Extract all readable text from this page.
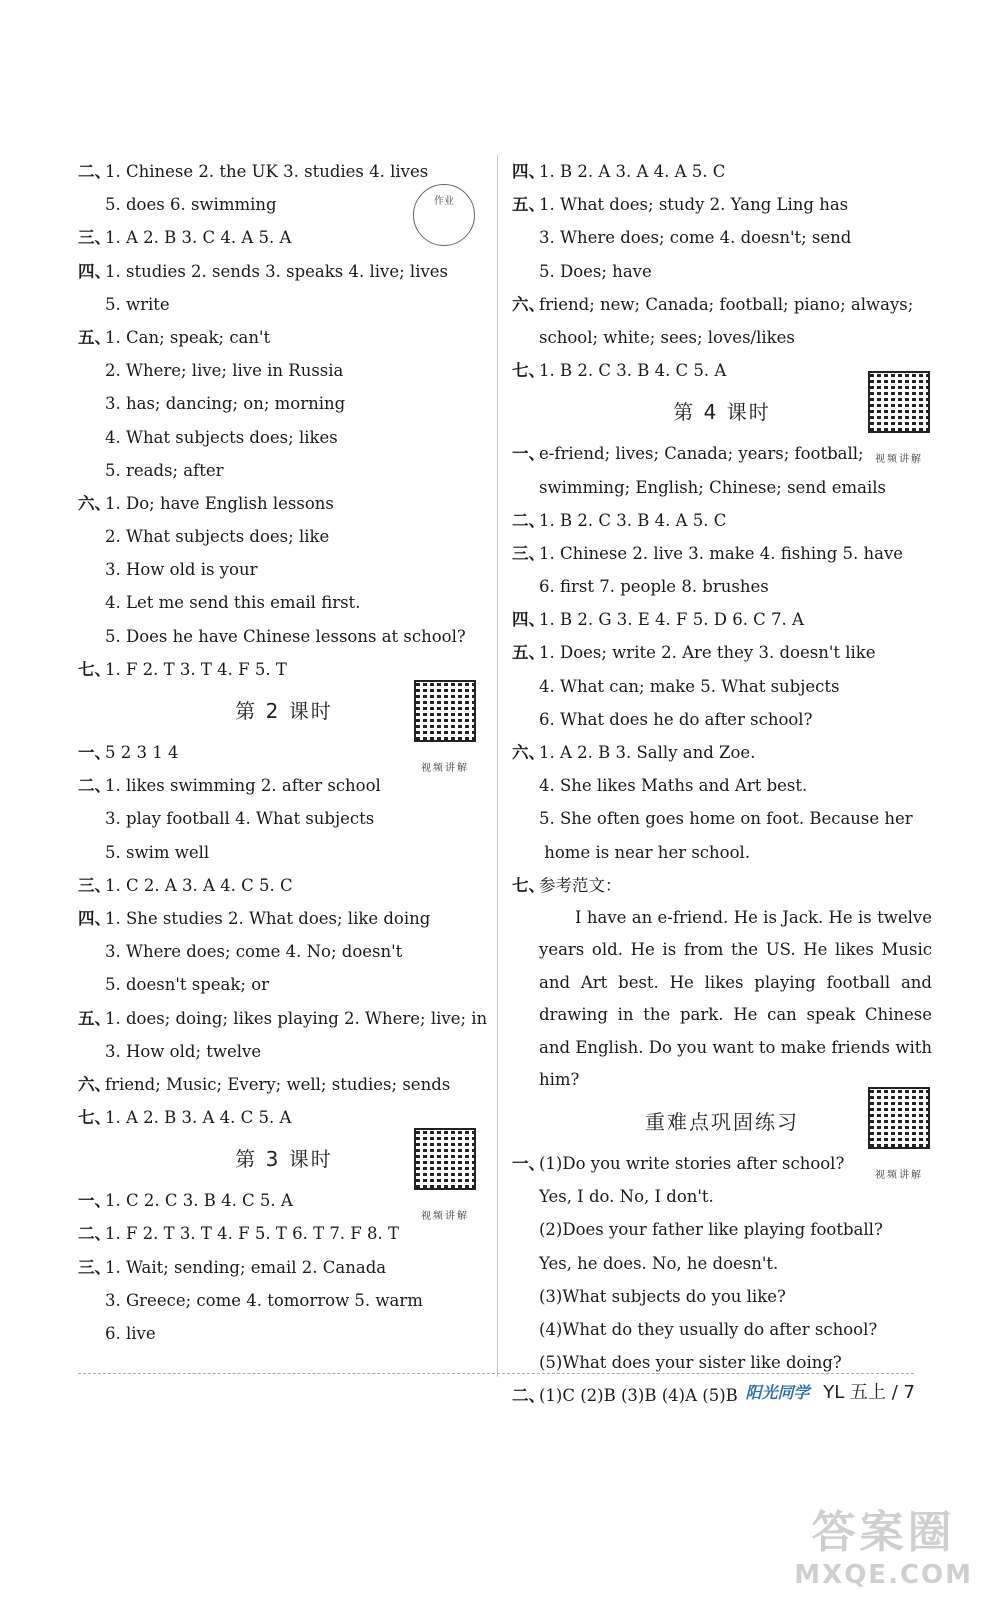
作业
二、1. Chinese 2. the UK 3. studies 4. lives
5. does 6. swimming
三、1. A 2. B 3. C 4. A 5. A
四、1. studies 2. sends 3. speaks 4. live; lives
5. write
五、1. Can; speak; can't
2. Where; live; live in Russia
3. has; dancing; on; morning
4. What subjects does; likes
5. reads; after
六、1. Do; have English lessons
2. What subjects does; like
3. How old is your
4. Let me send this email first.
5. Does he have Chinese lessons at school?
七、1. F 2. T 3. T 4. F 5. T
第 2 课时
视频讲解
一、5 2 3 1 4
二、1. likes swimming 2. after school
3. play football 4. What subjects
5. swim well
三、1. C 2. A 3. A 4. C 5. C
四、1. She studies 2. What does; like doing
3. Where does; come 4. No; doesn't
5. doesn't speak; or
五、1. does; doing; likes playing 2. Where; live; in
3. How old; twelve
六、friend; Music; Every; well; studies; sends
七、1. A 2. B 3. A 4. C 5. A
第 3 课时
视频讲解
一、1. C 2. C 3. B 4. C 5. A
二、1. F 2. T 3. T 4. F 5. T 6. T 7. F 8. T
三、1. Wait; sending; email 2. Canada
3. Greece; come 4. tomorrow 5. warm
6. live
四、1. B 2. A 3. A 4. A 5. C
五、1. What does; study 2. Yang Ling has
3. Where does; come 4. doesn't; send
5. Does; have
六、friend; new; Canada; football; piano; always;
school; white; sees; loves/likes
七、1. B 2. C 3. B 4. C 5. A
第 4 课时
视频讲解
一、e-friend; lives; Canada; years; football;
swimming; English; Chinese; send emails
二、1. B 2. C 3. B 4. A 5. C
三、1. Chinese 2. live 3. make 4. fishing 5. have
6. first 7. people 8. brushes
四、1. B 2. G 3. E 4. F 5. D 6. C 7. A
五、1. Does; write 2. Are they 3. doesn't like
4. What can; make 5. What subjects
6. What does he do after school?
六、1. A 2. B 3. Sally and Zoe.
4. She likes Maths and Art best.
5. She often goes home on foot. Because her
home is near her school.
七、参考范文：
I have an e-friend. He is Jack. He is twelve years old. He is from the US. He likes Music and Art best. He likes playing football and drawing in the park. He can speak Chinese and English. Do you want to make friends with him?
重难点巩固练习
视频讲解
一、(1)Do you write stories after school?
Yes, I do. No, I don't.
(2)Does your father like playing football?
Yes, he does. No, he doesn't.
(3)What subjects do you like?
(4)What do they usually do after school?
(5)What does your sister like doing?
二、(1)C (2)B (3)B (4)A (5)B 阳光同学 YL 五上 / 7
答案圈
MXQE.COM
